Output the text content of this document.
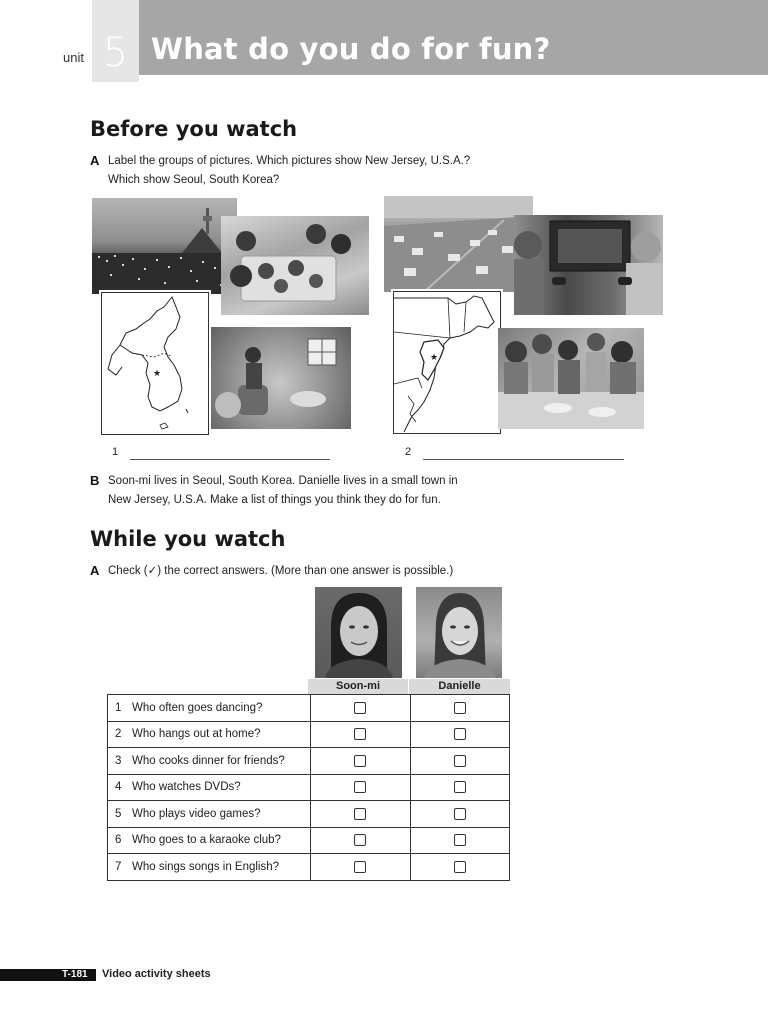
unit 5 What do you do for fun?
Before you watch
A Label the groups of pictures. Which pictures show New Jersey, U.S.A.?
Which show Seoul, South Korea?
★
★
1	2
B Soon-mi lives in Seoul, South Korea. Danielle lives in a small town in
New Jersey, U.S.A. Make a list of things you think they do for fun.
While you watch
A Check (✓) the correct answers. (More than one answer is possible.)
Soon-mi	Danielle
1 Who often goes dancing?		
2 Who hangs out at home?		
3 Who cooks dinner for friends?		
4 Who watches DVDs?		
5 Who plays video games?		
6 Who goes to a karaoke club?		
7 Who sings songs in English?		
T-181 Video activity sheets
